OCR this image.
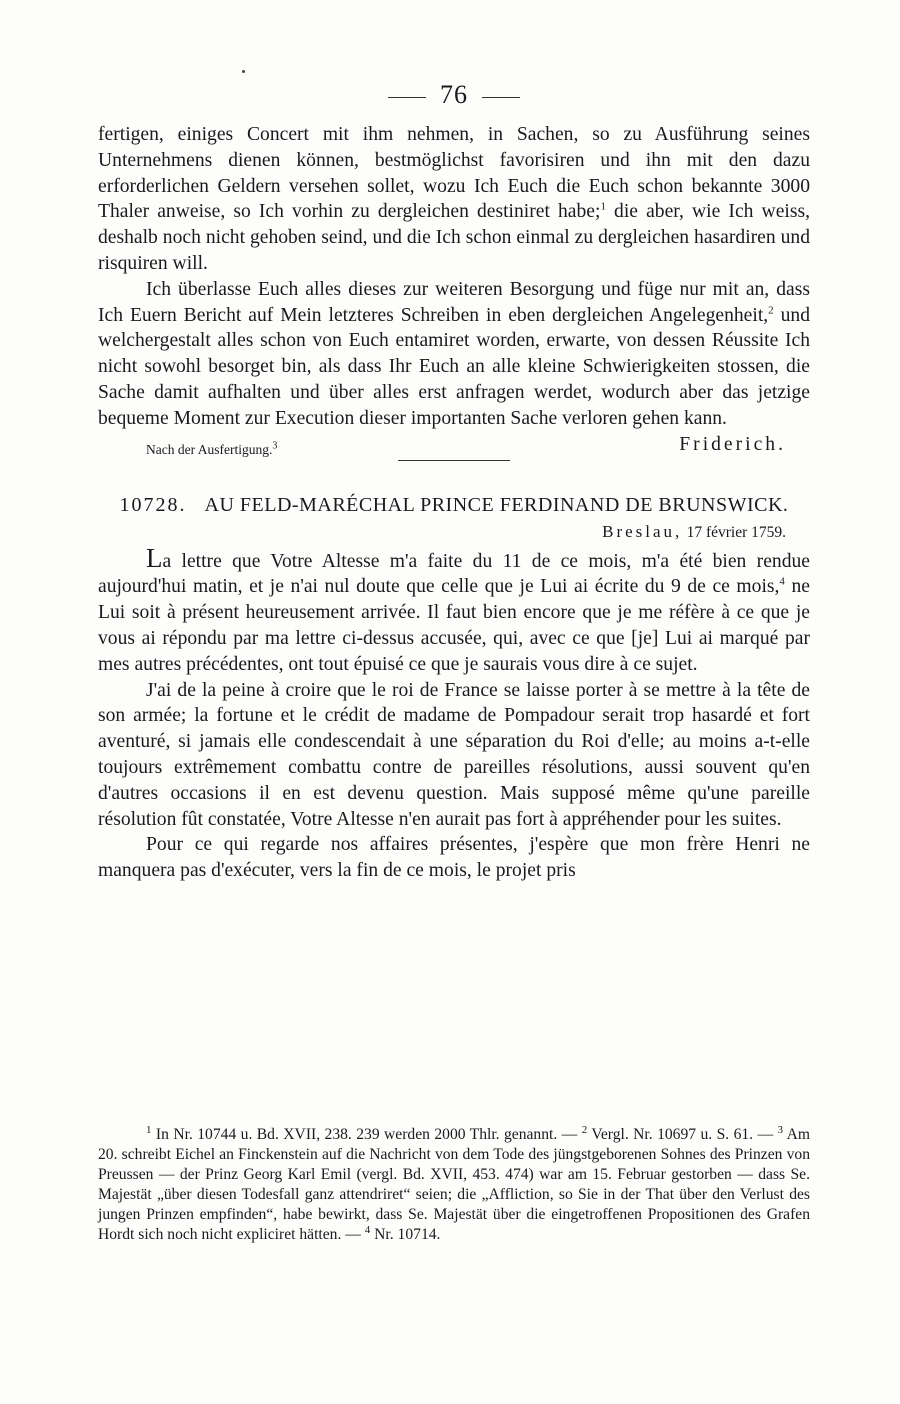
76

fertigen, einiges Concert mit ihm nehmen, in Sachen, so zu Ausführung seines Unternehmens dienen können, bestmöglichst favorisiren und ihn mit den dazu erforderlichen Geldern versehen sollet, wozu Ich Euch die Euch schon bekannte 3000 Thaler anweise, so Ich vorhin zu dergleichen destiniret habe;$^1$ die aber, wie Ich weiss, deshalb noch nicht gehoben seind, und die Ich schon einmal zu dergleichen hasardiren und risquiren will.

Ich überlasse Euch alles dieses zur weiteren Besorgung und füge nur mit an, dass Ich Euern Bericht auf Mein letzteres Schreiben in eben dergleichen Angelegenheit,$^2$ und welchergestalt alles schon von Euch entamiret worden, erwarte, von dessen Réussite Ich nicht sowohl besorget bin, als dass Ihr Euch an alle kleine Schwierigkeiten stossen, die Sache damit aufhalten und über alles erst anfragen werdet, wodurch aber das jetzige bequeme Moment zur Execution dieser importanten Sache verloren gehen kann.

Nach der Ausfertigung.$^3$	Friderich.

10728. AU FELD-MARÉCHAL PRINCE FERDINAND DE BRUNSWICK.

Breslau, 17 février 1759.

La lettre que Votre Altesse m'a faite du 11 de ce mois, m'a été bien rendue aujourd'hui matin, et je n'ai nul doute que celle que je Lui ai écrite du 9 de ce mois,$^4$ ne Lui soit à présent heureusement arrivée. Il faut bien encore que je me réfère à ce que je vous ai répondu par ma lettre ci-dessus accusée, qui, avec ce que [je] Lui ai marqué par mes autres précédentes, ont tout épuisé ce que je saurais vous dire à ce sujet.

J'ai de la peine à croire que le roi de France se laisse porter à se mettre à la tête de son armée; la fortune et le crédit de madame de Pompadour serait trop hasardé et fort aventuré, si jamais elle condescendait à une séparation du Roi d'elle; au moins a-t-elle toujours extrêmement combattu contre de pareilles résolutions, aussi souvent qu'en d'autres occasions il en est devenu question. Mais supposé même qu'une pareille résolution fût constatée, Votre Altesse n'en aurait pas fort à appréhender pour les suites.

Pour ce qui regarde nos affaires présentes, j'espère que mon frère Henri ne manquera pas d'exécuter, vers la fin de ce mois, le projet pris

$^1$ In Nr. 10744 u. Bd. XVII, 238. 239 werden 2000 Thlr. genannt. — $^2$ Vergl. Nr. 10697 u. S. 61. — $^3$ Am 20. schreibt Eichel an Finckenstein auf die Nachricht von dem Tode des jüngstgeborenen Sohnes des Prinzen von Preussen — der Prinz Georg Karl Emil (vergl. Bd. XVII, 453. 474) war am 15. Februar gestorben — dass Se. Majestät „über diesen Todesfall ganz attendriret“ seien; die „Affliction, so Sie in der That über den Verlust des jungen Prinzen empfinden“, habe bewirkt, dass Se. Majestät über die eingetroffenen Propositionen des Grafen Hordt sich noch nicht expliciret hätten. — $^4$ Nr. 10714.
